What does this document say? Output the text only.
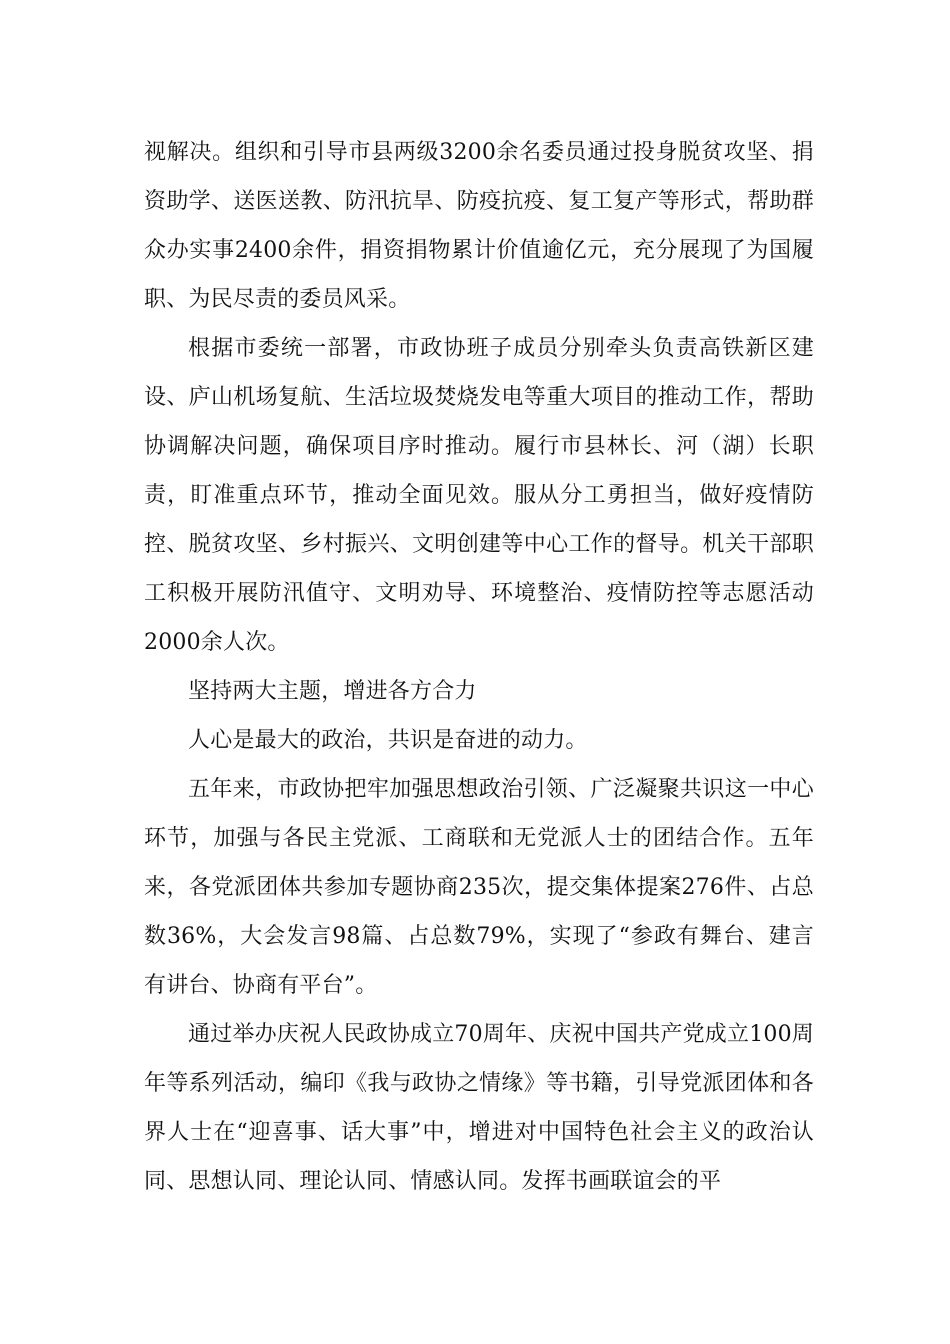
视解决。组织和引导市县两级3200余名委员通过投身脱贫攻坚、捐资助学、送医送教、防汛抗旱、防疫抗疫、复工复产等形式，帮助群众办实事2400余件，捐资捐物累计价值逾亿元，充分展现了为国履职、为民尽责的委员风采。

根据市委统一部署，市政协班子成员分别牵头负责高铁新区建设、庐山机场复航、生活垃圾焚烧发电等重大项目的推动工作，帮助协调解决问题，确保项目序时推动。履行市县林长、河（湖）长职责，盯准重点环节，推动全面见效。服从分工勇担当，做好疫情防控、脱贫攻坚、乡村振兴、文明创建等中心工作的督导。机关干部职工积极开展防汛值守、文明劝导、环境整治、疫情防控等志愿活动2000余人次。

坚持两大主题，增进各方合力

人心是最大的政治，共识是奋进的动力。

五年来，市政协把牢加强思想政治引领、广泛凝聚共识这一中心环节，加强与各民主党派、工商联和无党派人士的团结合作。五年来，各党派团体共参加专题协商235次，提交集体提案276件、占总数36%，大会发言98篇、占总数79%，实现了“参政有舞台、建言有讲台、协商有平台”。

通过举办庆祝人民政协成立70周年、庆祝中国共产党成立100周年等系列活动，编印《我与政协之情缘》等书籍，引导党派团体和各界人士在“迎喜事、话大事”中，增进对中国特色社会主义的政治认同、思想认同、理论认同、情感认同。发挥书画联谊会的平
